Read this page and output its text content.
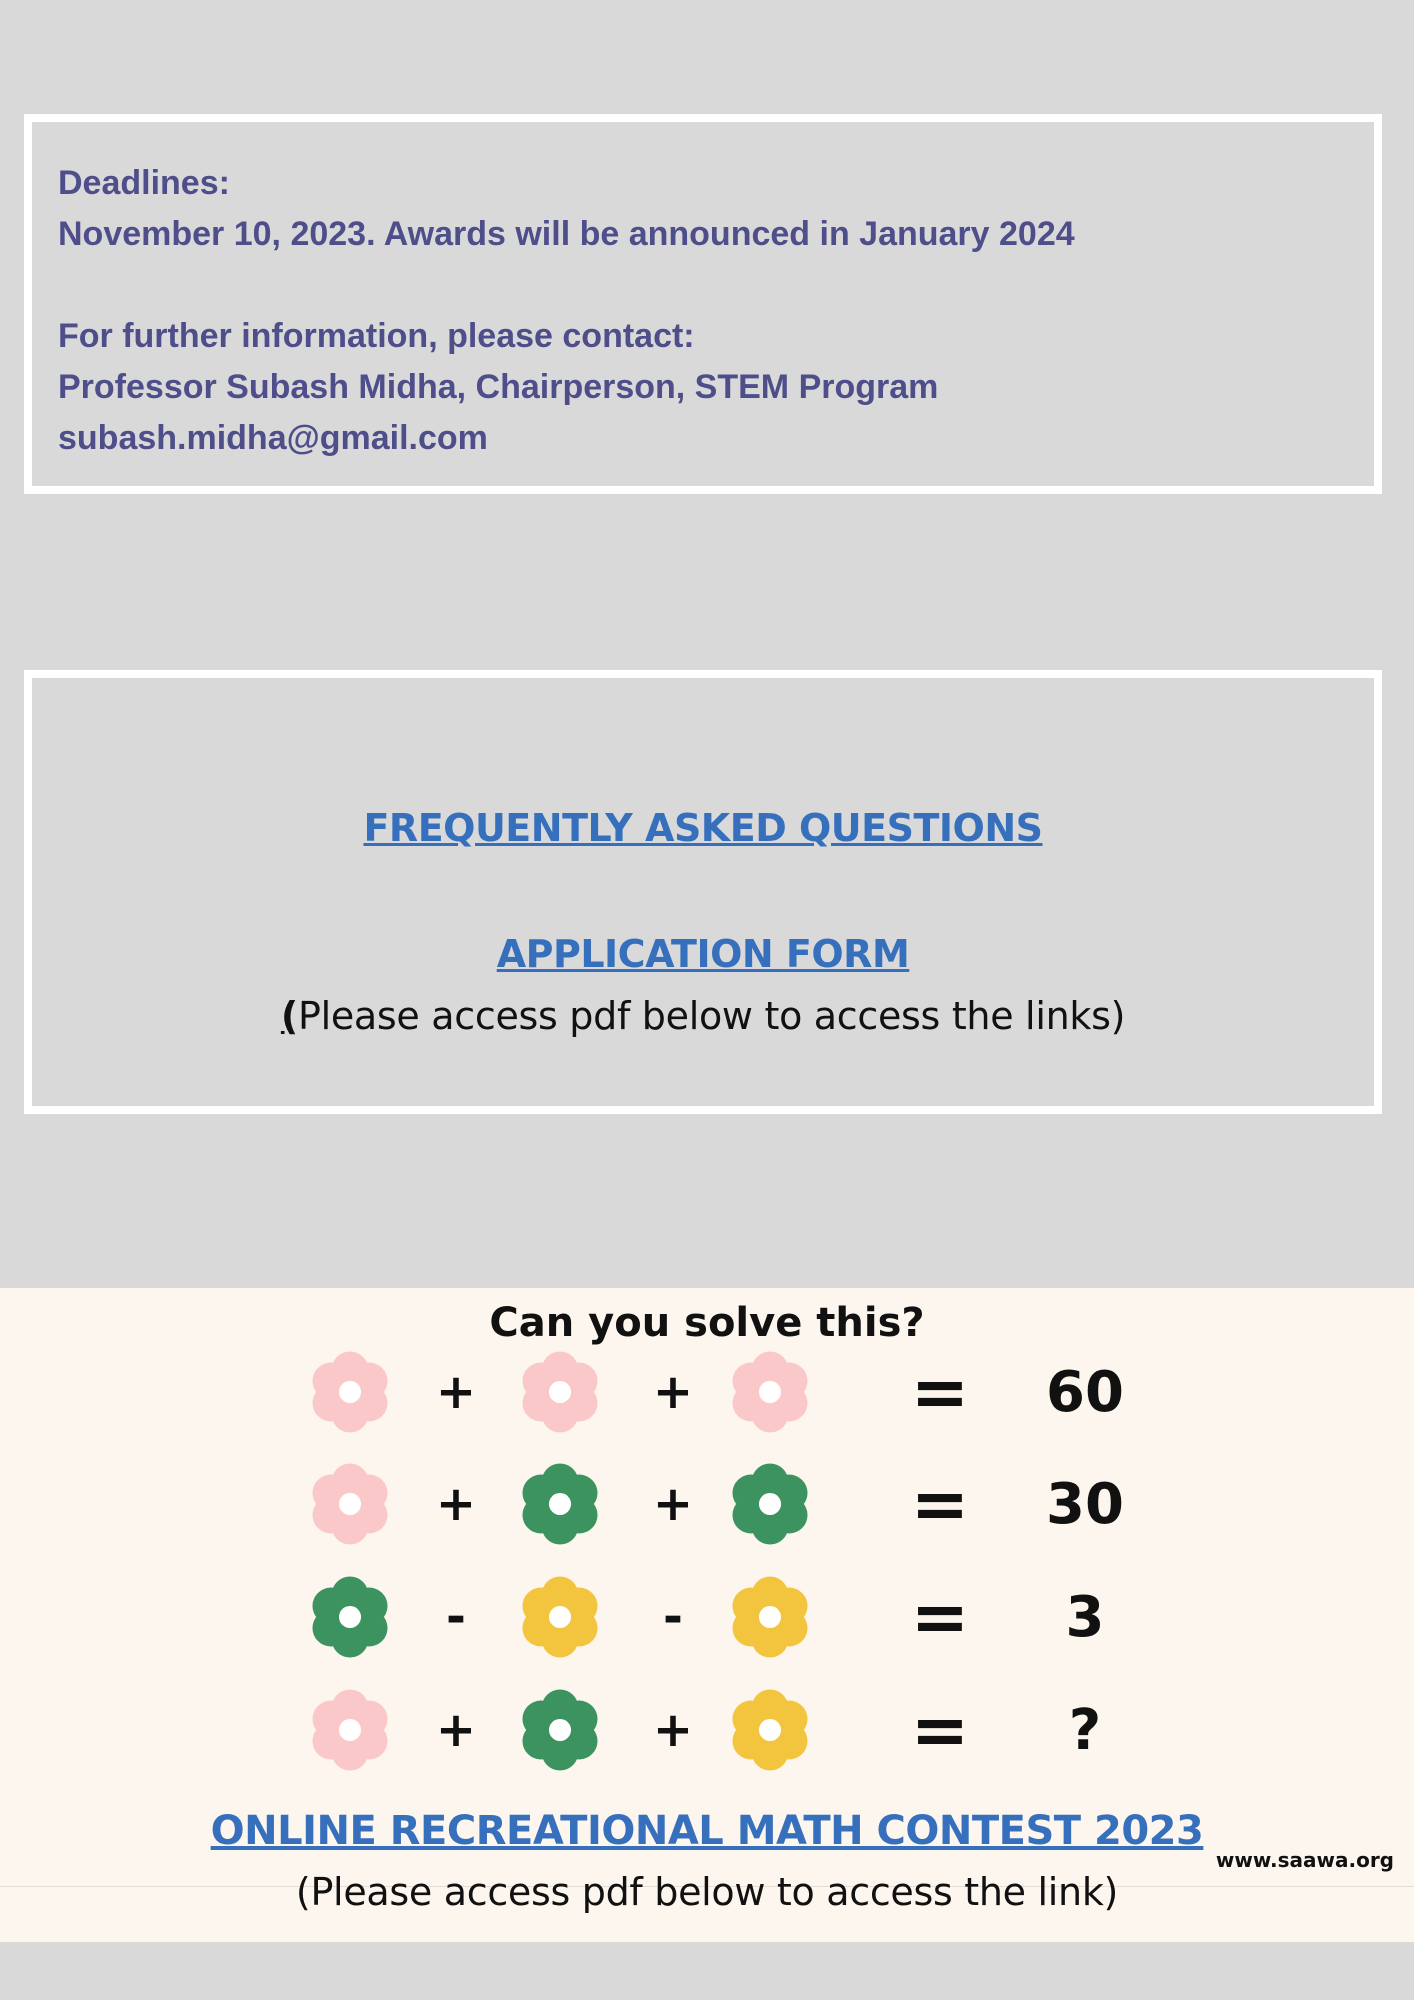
Deadlines:
November 10, 2023. Awards will be announced in January 2024
For further information, please contact:
Professor Subash Midha, Chairperson, STEM Program
subash.midha@gmail.com
FREQUENTLY ASKED QUESTIONS
APPLICATION FORM
(Please access pdf below to access the links)
Can you solve this?
+	+	=	60
+	+	=	30
-	-	=	3
+	+	=	?
ONLINE RECREATIONAL MATH CONTEST 2023
(Please access pdf below to access the link)
www.saawa.org
